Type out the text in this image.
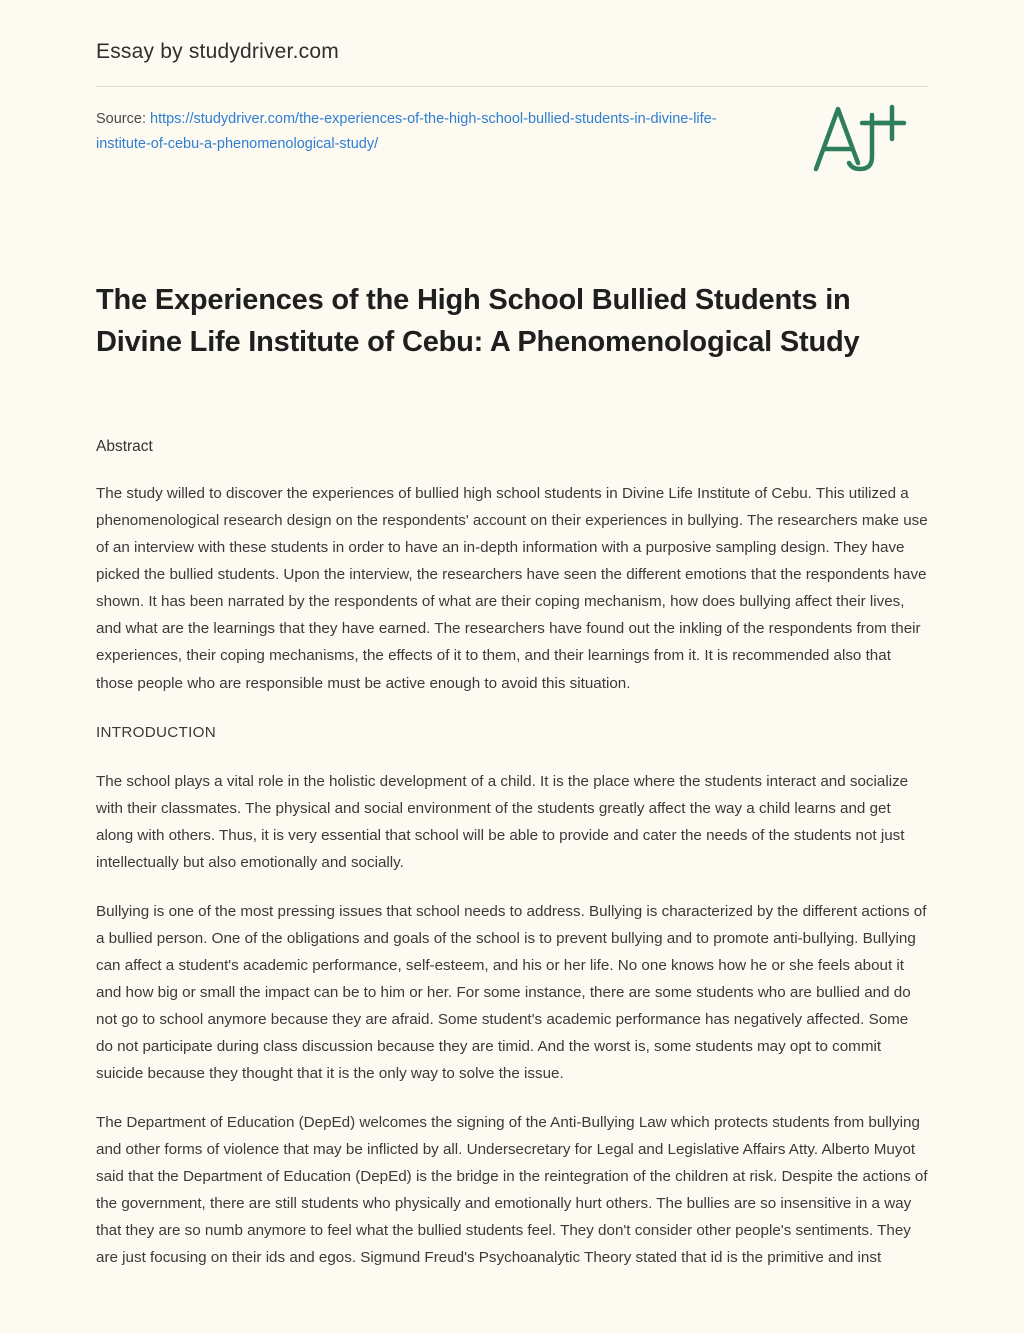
Essay by studydriver.com
Source: https://studydriver.com/the-experiences-of-the-high-school-bullied-students-in-divine-life-institute-of-cebu-a-phenomenological-study/
The Experiences of the High School Bullied Students in Divine Life Institute of Cebu: A Phenomenological Study
Abstract

The study willed to discover the experiences of bullied high school students in Divine Life Institute of Cebu. This utilized a phenomenological research design on the respondents' account on their experiences in bullying. The researchers make use of an interview with these students in order to have an in-depth information with a purposive sampling design. They have picked the bullied students. Upon the interview, the researchers have seen the different emotions that the respondents have shown. It has been narrated by the respondents of what are their coping mechanism, how does bullying affect their lives, and what are the learnings that they have earned. The researchers have found out the inkling of the respondents from their experiences, their coping mechanisms, the effects of it to them, and their learnings from it. It is recommended also that those people who are responsible must be active enough to avoid this situation.

INTRODUCTION

The school plays a vital role in the holistic development of a child. It is the place where the students interact and socialize with their classmates. The physical and social environment of the students greatly affect the way a child learns and get along with others. Thus, it is very essential that school will be able to provide and cater the needs of the students not just intellectually but also emotionally and socially.

Bullying is one of the most pressing issues that school needs to address. Bullying is characterized by the different actions of a bullied person. One of the obligations and goals of the school is to prevent bullying and to promote anti-bullying. Bullying can affect a student's academic performance, self-esteem, and his or her life. No one knows how he or she feels about it and how big or small the impact can be to him or her. For some instance, there are some students who are bullied and do not go to school anymore because they are afraid. Some student's academic performance has negatively affected. Some do not participate during class discussion because they are timid. And the worst is, some students may opt to commit suicide because they thought that it is the only way to solve the issue.

The Department of Education (DepEd) welcomes the signing of the Anti-Bullying Law which protects students from bullying and other forms of violence that may be inflicted by all. Undersecretary for Legal and Legislative Affairs Atty. Alberto Muyot said that the Department of Education (DepEd) is the bridge in the reintegration of the children at risk. Despite the actions of the government, there are still students who physically and emotionally hurt others. The bullies are so insensitive in a way that they are so numb anymore to feel what the bullied students feel. They don't consider other people's sentiments. They are just focusing on their ids and egos. Sigmund Freud's Psychoanalytic Theory stated that id is the primitive and inst
